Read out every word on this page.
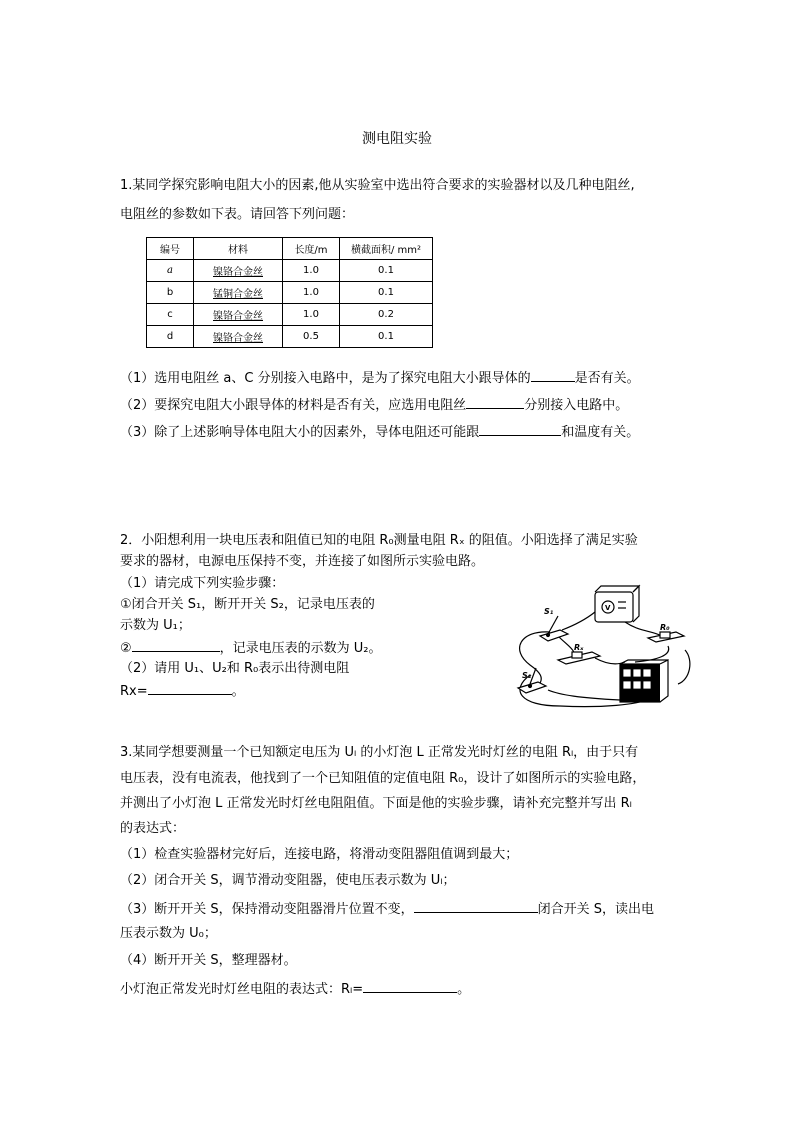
测电阻实验
1.某同学探究影响电阻大小的因素,他从实验室中选出符合要求的实验器材以及几种电阻丝,
电阻丝的参数如下表。请回答下列问题：
编号	材料	长度/m	横截面积/ mm²
a	镍铬合金丝	1.0	0.1
b	锰铜合金丝	1.0	0.1
c	镍铬合金丝	1.0	0.2
d	镍铬合金丝	0.5	0.1
（1）选用电阻丝 a、C 分别接入电路中，是为了探究电阻大小跟导体的	是否有关。
（2）要探究电阻大小跟导体的材料是否有关，应选用电阻丝	分别接入电路中。
（3）除了上述影响导体电阻大小的因素外，导体电阻还可能跟	和温度有关。
2．小阳想利用一块电压表和阻值已知的电阻 R₀测量电阻 Rₓ 的阻值。小阳选择了满足实验
要求的器材，电源电压保持不变，并连接了如图所示实验电路。
（1）请完成下列实验步骤：
①闭合开关 S₁，断开开关 S₂，记录电压表的
示数为 U₁；
②	，记录电压表的示数为 U₂。
（2）请用 U₁、U₂和 R₀表示出待测电阻
Rx=	。
S₁
S₂
Rₓ
R₀
V
3.某同学想要测量一个已知额定电压为 Uₗ 的小灯泡 L 正常发光时灯丝的电阻 Rₗ，由于只有
电压表，没有电流表，他找到了一个已知阻值的定值电阻 R₀，设计了如图所示的实验电路，
并测出了小灯泡 L 正常发光时灯丝电阻阻值。下面是他的实验步骤，请补充完整并写出 Rₗ
的表达式：
（1）检查实验器材完好后，连接电路，将滑动变阻器阻值调到最大；
（2）闭合开关 S，调节滑动变阻器，使电压表示数为 Uₗ；
（3）断开开关 S，保持滑动变阻器滑片位置不变，	闭合开关 S，读出电
压表示数为 U₀；
（4）断开开关 S，整理器材。
小灯泡正常发光时灯丝电阻的表达式：Rₗ=	。
